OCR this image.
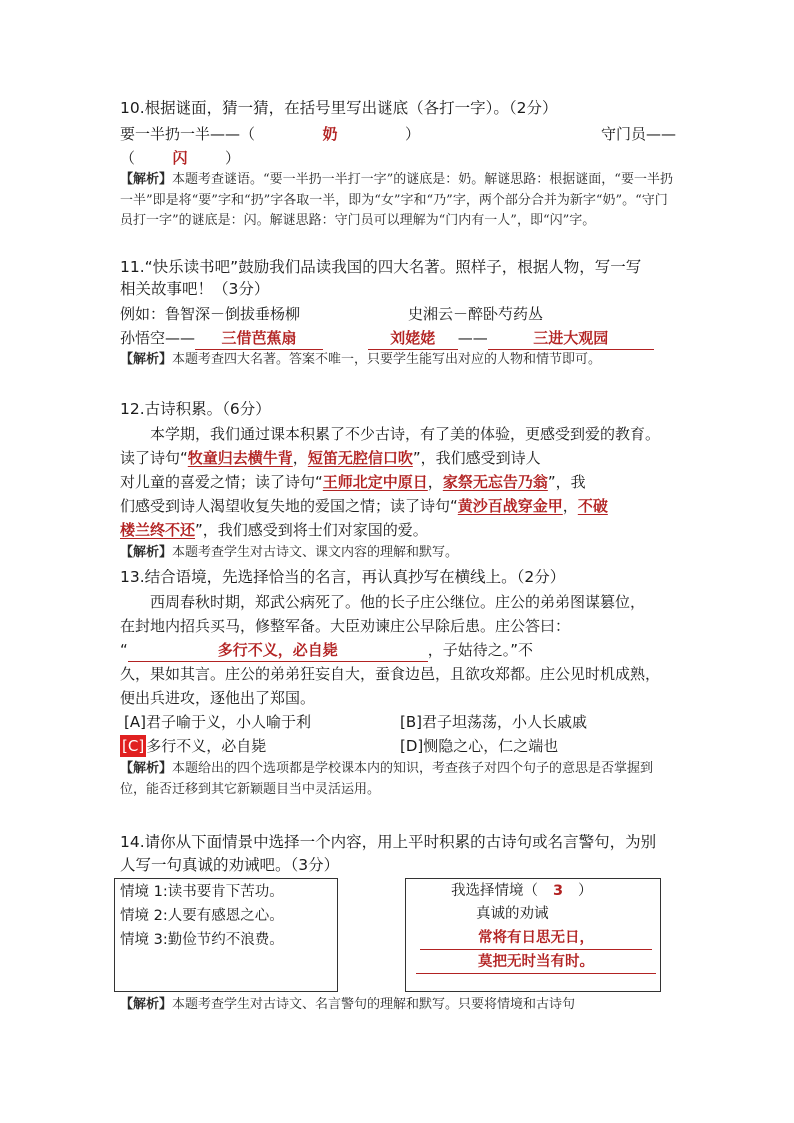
10.根据谜面，猜一猜，在括号里写出谜底（各打一字）。（2分）
要一半扔一半——（	奶	）	守门员——
（ 闪	）
【解析】本题考查谜语。“要一半扔一半打一字”的谜底是：奶。解谜思路：根据谜面，“要一半扔一半”即是将“要”字和“扔”字各取一半，即为“女”字和“乃”字，两个部分合并为新字“奶”。“守门员打一字”的谜底是：闪。解谜思路：守门员可以理解为“门内有一人”，即“闪”字。
11.“快乐读书吧”鼓励我们品读我国的四大名著。照样子，根据人物，写一写
相关故事吧！（3分）
例如：鲁智深－倒拔垂杨柳	史湘云－醉卧芍药丛
孙悟空—— 三借芭蕉扇	刘姥姥 ——	三进大观园
【解析】本题考查四大名著。答案不唯一，只要学生能写出对应的人物和情节即可。
12.古诗积累。（6分）
本学期，我们通过课本积累了不少古诗，有了美的体验，更感受到爱的教育。
读了诗句“牧童归去横牛背，短笛无腔信口吹”，我们感受到诗人
对儿童的喜爱之情；读了诗句“王师北定中原日，家祭无忘告乃翁”，我
们感受到诗人渴望收复失地的爱国之情；读了诗句“黄沙百战穿金甲，不破
楼兰终不还”，我们感受到将士们对家国的爱。
【解析】本题考查学生对古诗文、课文内容的理解和默写。
13.结合语境，先选择恰当的名言，再认真抄写在横线上。（2分）
西周春秋时期，郑武公病死了。他的长子庄公继位。庄公的弟弟图谋篡位，
在封地内招兵买马，修整军备。大臣劝谏庄公早除后患。庄公答曰：
“	多行不义，必自毙	，子姑待之。”不
久，果如其言。庄公的弟弟狂妄自大，蚕食边邑，且欲攻郑都。庄公见时机成熟，
便出兵进攻，逐他出了郑国。
[A]君子喻于义，小人喻于利	[B]君子坦荡荡，小人长戚戚
[C] 多行不义，必自毙	[D]恻隐之心，仁之端也
【解析】本题给出的四个选项都是学校课本内的知识，考查孩子对四个句子的意思是否掌握到位，能否迁移到其它新颖题目当中灵活运用。
14.请你从下面情景中选择一个内容，用上平时积累的古诗句或名言警句，为别
人写一句真诚的劝诫吧。（3分）
情境 1:读书要肯下苦功。
情境 2:人要有感恩之心。
情境 3:勤俭节约不浪费。
我选择情境（ 3 ）
真诚的劝诫
常将有日思无日，
莫把无时当有时。
【解析】本题考查学生对古诗文、名言警句的理解和默写。只要将情境和古诗句
